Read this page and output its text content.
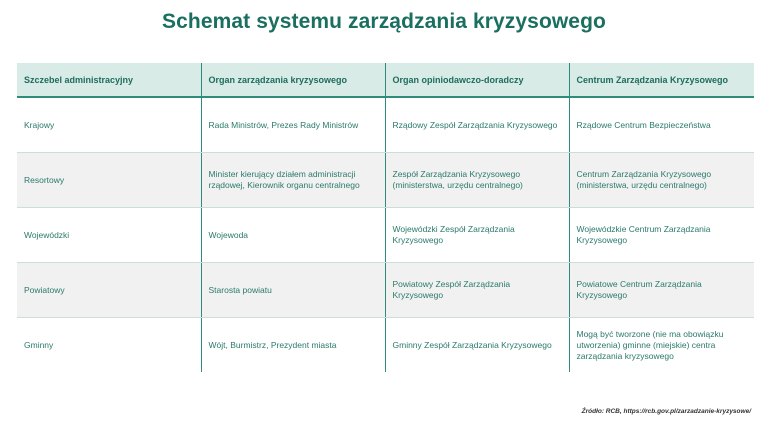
Schemat systemu zarządzania kryzysowego
Szczebel administracyjny	Organ zarządzania kryzysowego	Organ opiniodawczo-doradczy	Centrum Zarządzania Kryzysowego
Krajowy	Rada Ministrów, Prezes Rady Ministrów	Rządowy Zespół Zarządzania Kryzysowego	Rządowe Centrum Bezpieczeństwa
Resortowy	Minister kierujący działem administracji rządowej, Kierownik organu centralnego	Zespół Zarządzania Kryzysowego (ministerstwa, urzędu centralnego)	Centrum Zarządzania Kryzysowego (ministerstwa, urzędu centralnego)
Wojewódzki	Wojewoda	Wojewódzki Zespół Zarządzania Kryzysowego	Wojewódzkie Centrum Zarządzania Kryzysowego
Powiatowy	Starosta powiatu	Powiatowy Zespół Zarządzania Kryzysowego	Powiatowe Centrum Zarządzania Kryzysowego
Gminny	Wójt, Burmistrz, Prezydent miasta	Gminny Zespół Zarządzania Kryzysowego	Mogą być tworzone (nie ma obowiązku utworzenia) gminne (miejskie) centra zarządzania kryzysowego
Źródło: RCB, https://rcb.gov.pl/zarzadzanie-kryzysowe/
